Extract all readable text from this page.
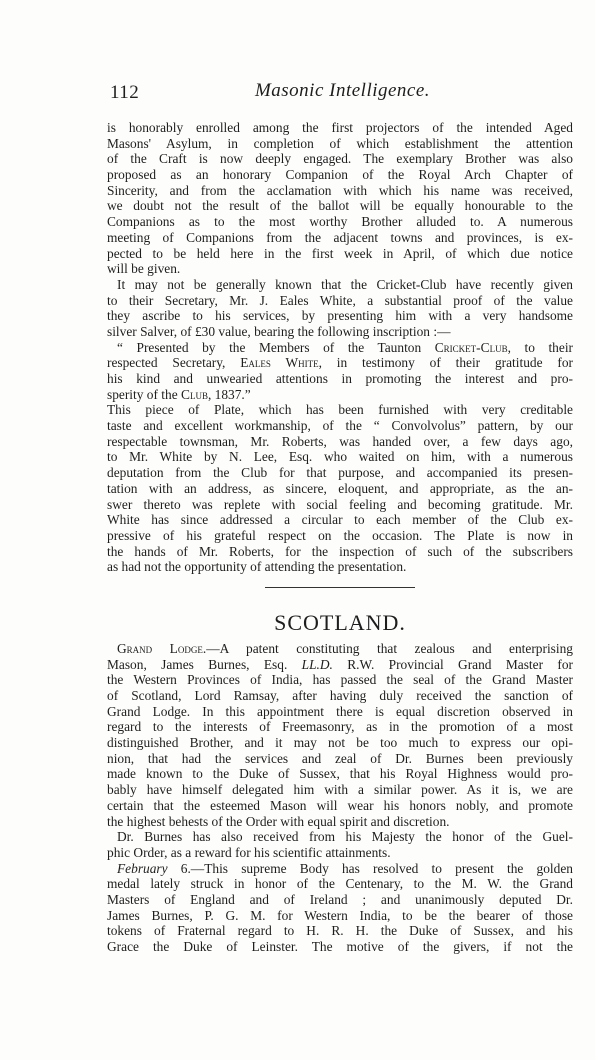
112	Masonic Intelligence.
is honorably enrolled among the first projectors of the intended Aged
Masons' Asylum, in completion of which establishment the attention
of the Craft is now deeply engaged. The exemplary Brother was also
proposed as an honorary Companion of the Royal Arch Chapter of
Sincerity, and from the acclamation with which his name was received,
we doubt not the result of the ballot will be equally honourable to the
Companions as to the most worthy Brother alluded to. A numerous
meeting of Companions from the adjacent towns and provinces, is ex-
pected to be held here in the first week in April, of which due notice
will be given.
It may not be generally known that the Cricket-Club have recently given
to their Secretary, Mr. J. Eales White, a substantial proof of the value
they ascribe to his services, by presenting him with a very handsome
silver Salver, of £30 value, bearing the following inscription :—
“ Presented by the Members of the Taunton Cricket-Club, to their
respected Secretary, Eales White, in testimony of their gratitude for
his kind and unwearied attentions in promoting the interest and pro-
sperity of the Club, 1837.”
This piece of Plate, which has been furnished with very creditable
taste and excellent workmanship, of the “ Convolvolus” pattern, by our
respectable townsman, Mr. Roberts, was handed over, a few days ago,
to Mr. White by N. Lee, Esq. who waited on him, with a numerous
deputation from the Club for that purpose, and accompanied its presen-
tation with an address, as sincere, eloquent, and appropriate, as the an-
swer thereto was replete with social feeling and becoming gratitude. Mr.
White has since addressed a circular to each member of the Club ex-
pressive of his grateful respect on the occasion. The Plate is now in
the hands of Mr. Roberts, for the inspection of such of the subscribers
as had not the opportunity of attending the presentation.
SCOTLAND.
Grand Lodge.—A patent constituting that zealous and enterprising
Mason, James Burnes, Esq. LL.D. R.W. Provincial Grand Master for
the Western Provinces of India, has passed the seal of the Grand Master
of Scotland, Lord Ramsay, after having duly received the sanction of
Grand Lodge. In this appointment there is equal discretion observed in
regard to the interests of Freemasonry, as in the promotion of a most
distinguished Brother, and it may not be too much to express our opi-
nion, that had the services and zeal of Dr. Burnes been previously
made known to the Duke of Sussex, that his Royal Highness would pro-
bably have himself delegated him with a similar power. As it is, we are
certain that the esteemed Mason will wear his honors nobly, and promote
the highest behests of the Order with equal spirit and discretion.
Dr. Burnes has also received from his Majesty the honor of the Guel-
phic Order, as a reward for his scientific attainments.
February 6.—This supreme Body has resolved to present the golden
medal lately struck in honor of the Centenary, to the M. W. the Grand
Masters of England and of Ireland ; and unanimously deputed Dr.
James Burnes, P. G. M. for Western India, to be the bearer of those
tokens of Fraternal regard to H. R. H. the Duke of Sussex, and his
Grace the Duke of Leinster. The motive of the givers, if not the
